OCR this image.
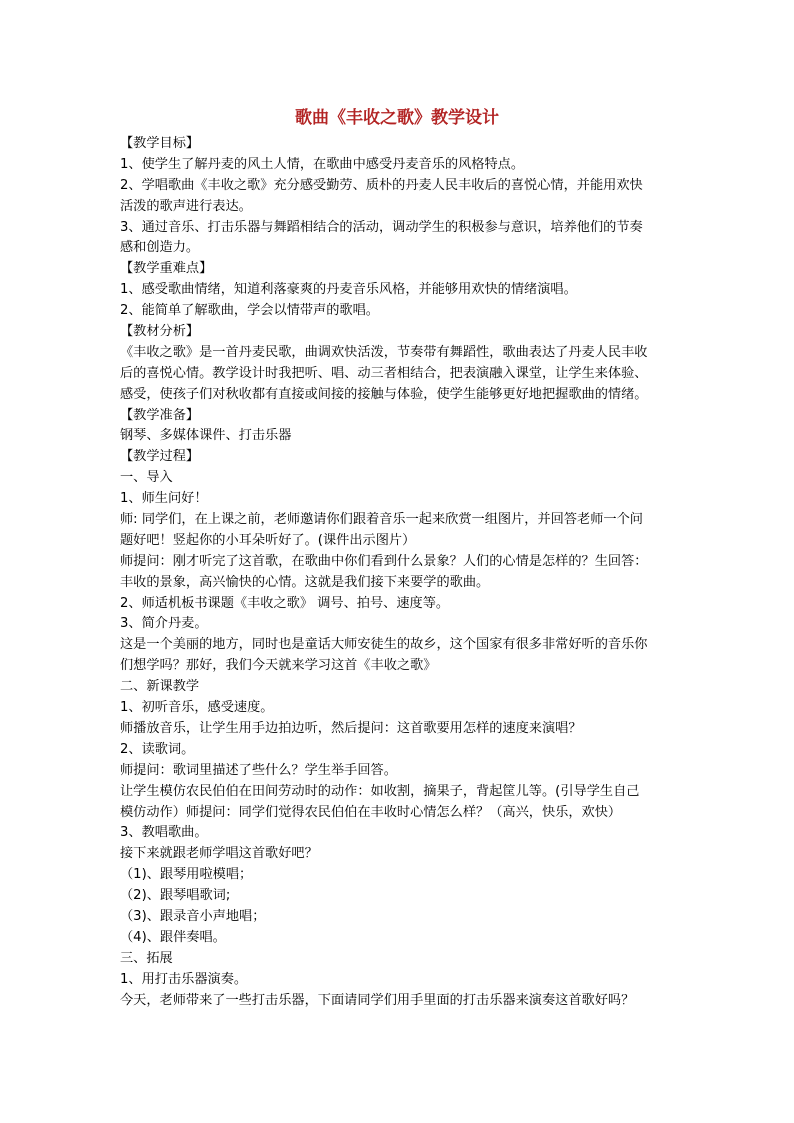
歌曲《丰收之歌》教学设计
【教学目标】
1、使学生了解丹麦的风土人情，在歌曲中感受丹麦音乐的风格特点。
2、学唱歌曲《丰收之歌》充分感受勤劳、质朴的丹麦人民丰收后的喜悦心情，并能用欢快
活泼的歌声进行表达。
3、通过音乐、打击乐器与舞蹈相结合的活动，调动学生的积极参与意识，培养他们的节奏
感和创造力。
【教学重难点】
1、感受歌曲情绪，知道利落豪爽的丹麦音乐风格，并能够用欢快的情绪演唱。
2、能简单了解歌曲，学会以情带声的歌唱。
【教材分析】
《丰收之歌》是一首丹麦民歌，曲调欢快活泼，节奏带有舞蹈性，歌曲表达了丹麦人民丰收
后的喜悦心情。教学设计时我把听、唱、动三者相结合，把表演融入课堂，让学生来体验、
感受，使孩子们对秋收都有直接或间接的接触与体验，使学生能够更好地把握歌曲的情绪。
【教学准备】
钢琴、多媒体课件、打击乐器
【教学过程】
一、导入
1、师生问好！
师: 同学们，在上课之前，老师邀请你们跟着音乐一起来欣赏一组图片，并回答老师一个问
题好吧！竖起你的小耳朵听好了。(课件出示图片）
师提问：刚才听完了这首歌，在歌曲中你们看到什么景象？人们的心情是怎样的？生回答：
丰收的景象，高兴愉快的心情。这就是我们接下来要学的歌曲。
2、师适机板书课题《丰收之歌》 调号、拍号、速度等。
3、简介丹麦。
这是一个美丽的地方，同时也是童话大师安徒生的故乡，这个国家有很多非常好听的音乐你
们想学吗？那好，我们今天就来学习这首《丰收之歌》
二、新课教学
1、初听音乐，感受速度。
师播放音乐，让学生用手边拍边听，然后提问：这首歌要用怎样的速度来演唱？
2、读歌词。
师提问：歌词里描述了些什么？学生举手回答。
让学生模仿农民伯伯在田间劳动时的动作：如收割，摘果子，背起筐儿等。(引导学生自己
模仿动作）师提问：同学们觉得农民伯伯在丰收时心情怎么样？（高兴，快乐，欢快）
3、教唱歌曲。
接下来就跟老师学唱这首歌好吧？
（1)、跟琴用啦模唱；
（2)、跟琴唱歌词;
（3)、跟录音小声地唱；
（4)、跟伴奏唱。
三、拓展
1、用打击乐器演奏。
今天，老师带来了一些打击乐器，下面请同学们用手里面的打击乐器来演奏这首歌好吗？
